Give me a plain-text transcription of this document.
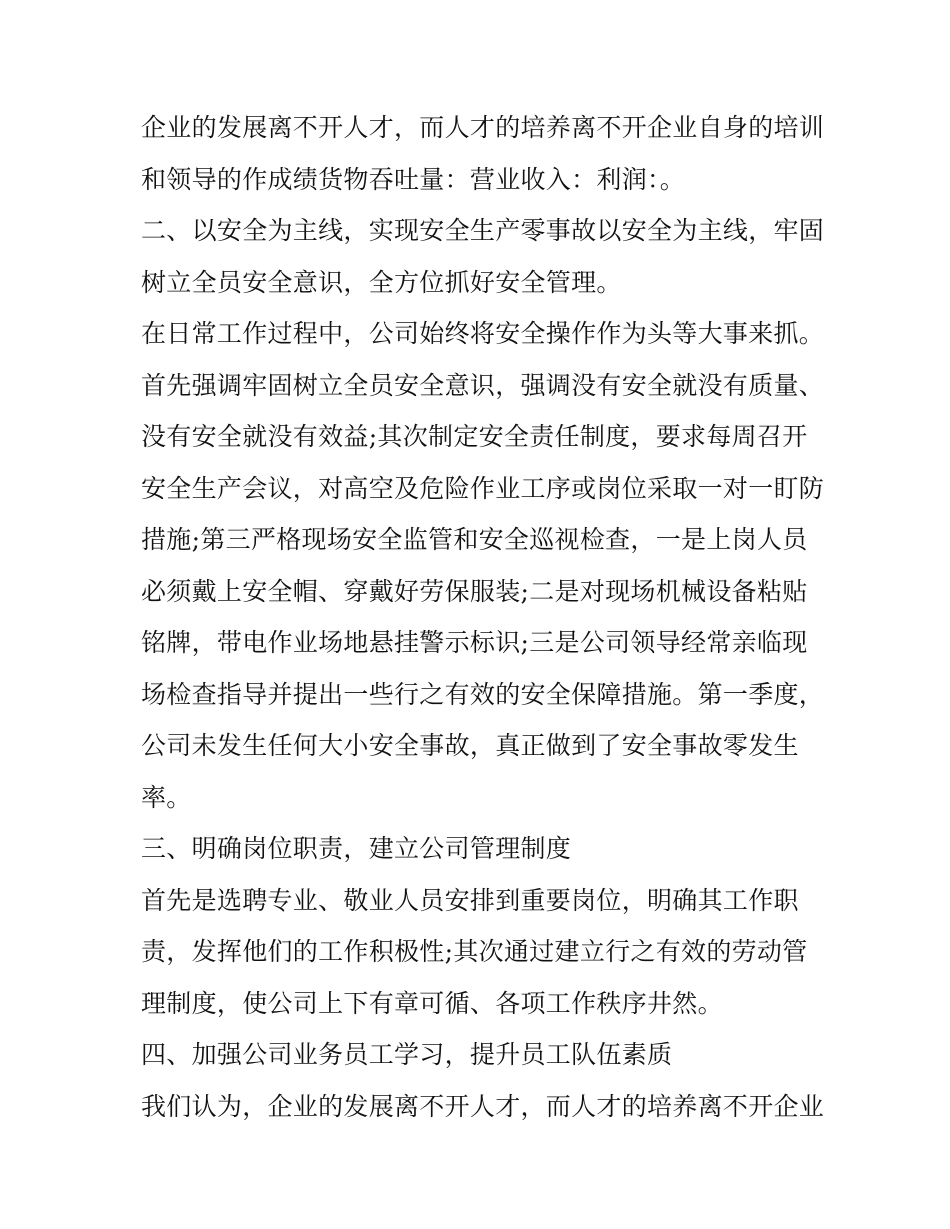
企业的发展离不开人才，而人才的培养离不开企业自身的培训
和领导的作成绩货物吞吐量：营业收入：利润：。
二、以安全为主线，实现安全生产零事故以安全为主线，牢固
树立全员安全意识，全方位抓好安全管理。
在日常工作过程中，公司始终将安全操作作为头等大事来抓。
首先强调牢固树立全员安全意识，强调没有安全就没有质量、
没有安全就没有效益;其次制定安全责任制度，要求每周召开
安全生产会议，对高空及危险作业工序或岗位采取一对一盯防
措施;第三严格现场安全监管和安全巡视检查，一是上岗人员
必须戴上安全帽、穿戴好劳保服装;二是对现场机械设备粘贴
铭牌，带电作业场地悬挂警示标识;三是公司领导经常亲临现
场检查指导并提出一些行之有效的安全保障措施。第一季度，
公司未发生任何大小安全事故，真正做到了安全事故零发生
率。
三、明确岗位职责，建立公司管理制度
首先是选聘专业、敬业人员安排到重要岗位，明确其工作职
责，发挥他们的工作积极性;其次通过建立行之有效的劳动管
理制度，使公司上下有章可循、各项工作秩序井然。
四、加强公司业务员工学习，提升员工队伍素质
我们认为，企业的发展离不开人才，而人才的培养离不开企业
